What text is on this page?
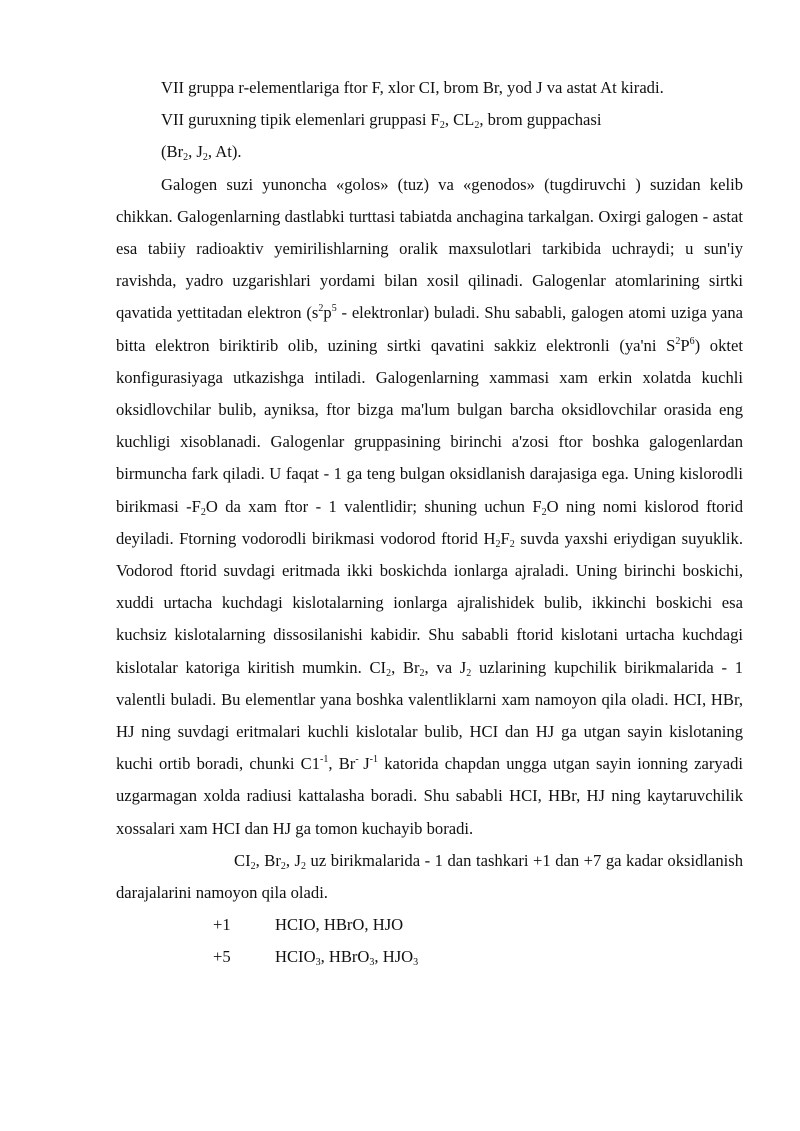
VII gruppa r-elementlariga ftor F, xlor CI, brom Br, yod J va astat At kiradi.

VII guruxning tipik elemenlari gruppasi $F_2$, $CL_2$, brom guppachasi

($Br_2$, $J_2$, At).

Galogen suzi yunoncha «golos» (tuz) va «genodos» (tugdiruvchi ) suzidan kelib chikkan. Galogenlarning dastlabki turttasi tabiatda anchagina tarkalgan. Oxirgi galogen - astat esa tabiiy radioaktiv yemirilishlarning oralik maxsulotlari tarkibida uchraydi; u sun'iy ravishda, yadro uzgarishlari yordami bilan xosil qilinadi. Galogenlar atomlarining sirtki qavatida yettitadan elektron ($s^2p^5$ - elektronlar) buladi. Shu sababli, galogen atomi uziga yana bitta elektron biriktirib olib, uzining sirtki qavatini sakkiz elektronli (ya'ni $S^2P^6$) oktet konfigurasiyaga utkazishga intiladi. Galogenlarning xammasi xam erkin xolatda kuchli oksidlovchilar bulib, ayniksa, ftor bizga ma'lum bulgan barcha oksidlovchilar orasida eng kuchligi xisoblanadi. Galogenlar gruppasining birinchi a'zosi ftor boshka galogenlardan birmuncha fark qiladi. U faqat - 1 ga teng bulgan oksidlanish darajasiga ega. Uning kislorodli birikmasi $-F_2O$ da xam ftor - 1 valentlidir; shuning uchun $F_2O$ ning nomi kislorod ftorid deyiladi. Ftorning vodorodli birikmasi vodorod ftorid $H_2F_2$ suvda yaxshi eriydigan suyuklik. Vodorod ftorid suvdagi eritmada ikki boskichda ionlarga ajraladi. Uning birinchi boskichi, xuddi urtacha kuchdagi kislotalarning ionlarga ajralishidek bulib, ikkinchi boskichi esa kuchsiz kislotalarning dissosilanishi kabidir. Shu sababli ftorid kislotani urtacha kuchdagi kislotalar katoriga kiritish mumkin. $CI_2$, $Br_2$, va $J_2$ uzlarining kupchilik birikmalarida - 1 valentli buladi. Bu elementlar yana boshka valentliklarni xam namoyon qila oladi. HCI, HBr, HJ ning suvdagi eritmalari kuchli kislotalar bulib, HCI dan HJ ga utgan sayin kislotaning kuchi ortib boradi, chunki $C1^{-1}$, Br- $J^{-1}$ katorida chapdan ungga utgan sayin ionning zaryadi uzgarmagan xolda radiusi kattalasha boradi. Shu sababli HCI, HBr, HJ ning kaytaruvchilik xossalari xam HCI dan HJ ga tomon kuchayib boradi.

$CI_2$, $Br_2$, $J_2$ uz birikmalarida - 1 dan tashkari +1 dan +7 ga kadar oksidlanish darajalarini namoyon qila oladi.

+1	HCIO, HBrO, HJO
+5	$HCIO_3$, HBrO$_3$, $HJO_3$
